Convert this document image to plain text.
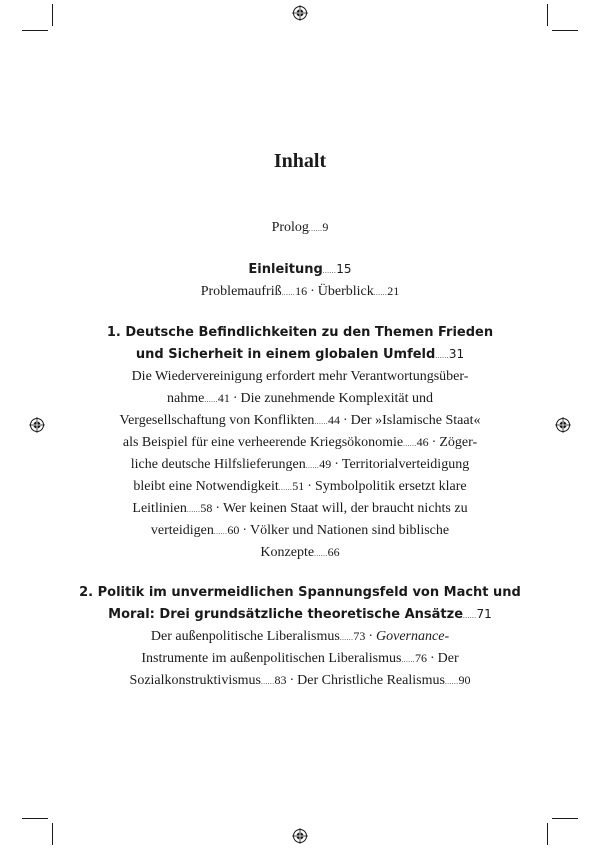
Inhalt
Prolog......9
Einleitung......15
Problemaufriß......16 · Überblick......21
1. Deutsche Befindlichkeiten zu den Themen Frieden
und Sicherheit in einem globalen Umfeld......31
Die Wiedervereinigung erfordert mehr Verantwortungsüber-
nahme......41 · Die zunehmende Komplexität und
Vergesellschaftung von Konflikten......44 · Der »Islamische Staat«
als Beispiel für eine verheerende Kriegsökonomie......46 · Zöger-
liche deutsche Hilfslieferungen......49 · Territorialverteidigung
bleibt eine Notwendigkeit......51 · Symbolpolitik ersetzt klare
Leitlinien......58 · Wer keinen Staat will, der braucht nichts zu
verteidigen......60 · Völker und Nationen sind biblische
Konzepte......66
2. Politik im unvermeidlichen Spannungsfeld von Macht und
Moral: Drei grundsätzliche theoretische Ansätze......71
Der außenpolitische Liberalismus......73 · Governance-
Instrumente im außenpolitischen Liberalismus......76 · Der
Sozialkonstruktivismus......83 · Der Christliche Realismus......90
